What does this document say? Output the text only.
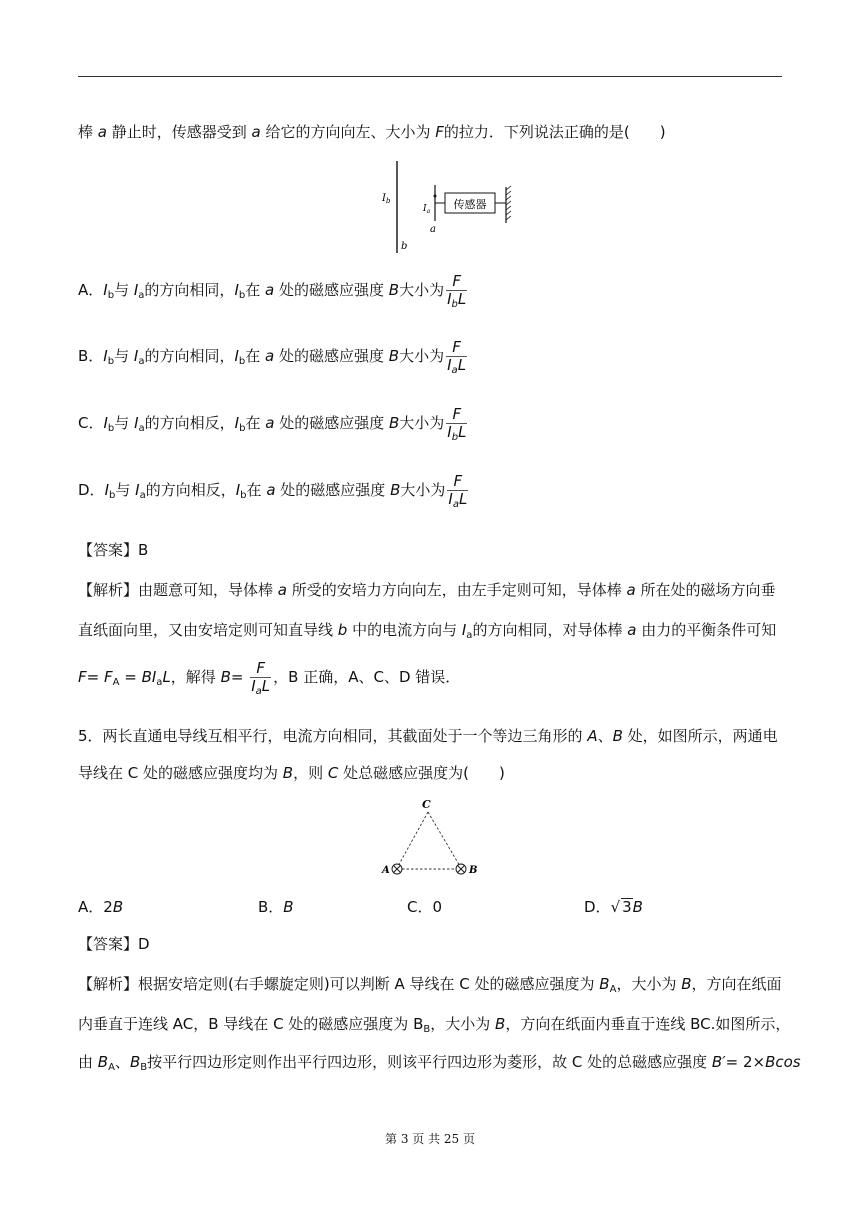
棒 a 静止时，传感器受到 a 给它的方向向左、大小为 F的拉力．下列说法正确的是(　　)
$I_b$
b
$I_a$
a
传感器
A．$I_b$与 $I_a$的方向相同，$I_b$在 a 处的磁感应强度 B大小为 $\frac{F}{I_bL}$
B．$I_b$与 $I_a$的方向相同，$I_b$在 a 处的磁感应强度 B大小为 $\frac{F}{I_aL}$
C．$I_b$与 $I_a$的方向相反，$I_b$在 a 处的磁感应强度 B大小为 $\frac{F}{I_bL}$
D．$I_b$与 $I_a$的方向相反，$I_b$在 a 处的磁感应强度 B大小为 $\frac{F}{I_aL}$
【答案】B
【解析】由题意可知，导体棒 a 所受的安培力方向向左，由左手定则可知，导体棒 a 所在处的磁场方向垂
直纸面向里，又由安培定则可知直导线 b 中的电流方向与 $I_a$的方向相同，对导体棒 a 由力的平衡条件可知
$F= F_A = BI_aL$，解得 $B= \frac{F}{I_aL}$ ，B 正确，A、C、D 错误．
5．两长直通电导线互相平行，电流方向相同，其截面处于一个等边三角形的 A、B 处，如图所示，两通电
导线在 C 处的磁感应强度均为 B，则 C 处总磁感应强度为(　　)
C
A	B
A．2B	B．B	C．0	D．√ 3B
【答案】D
【解析】根据安培定则(右手螺旋定则)可以判断 A 导线在 C 处的磁感应强度为 $B_A$，大小为 B，方向在纸面
内垂直于连线 AC，B 导线在 C 处的磁感应强度为 $B_B$，大小为 B，方向在纸面内垂直于连线 BC.如图所示，
由 $B_A$、$B_B$按平行四边形定则作出平行四边形，则该平行四边形为菱形，故 C 处的总磁感应强度 B′= 2×Bcos
第 3 页 共 25 页
